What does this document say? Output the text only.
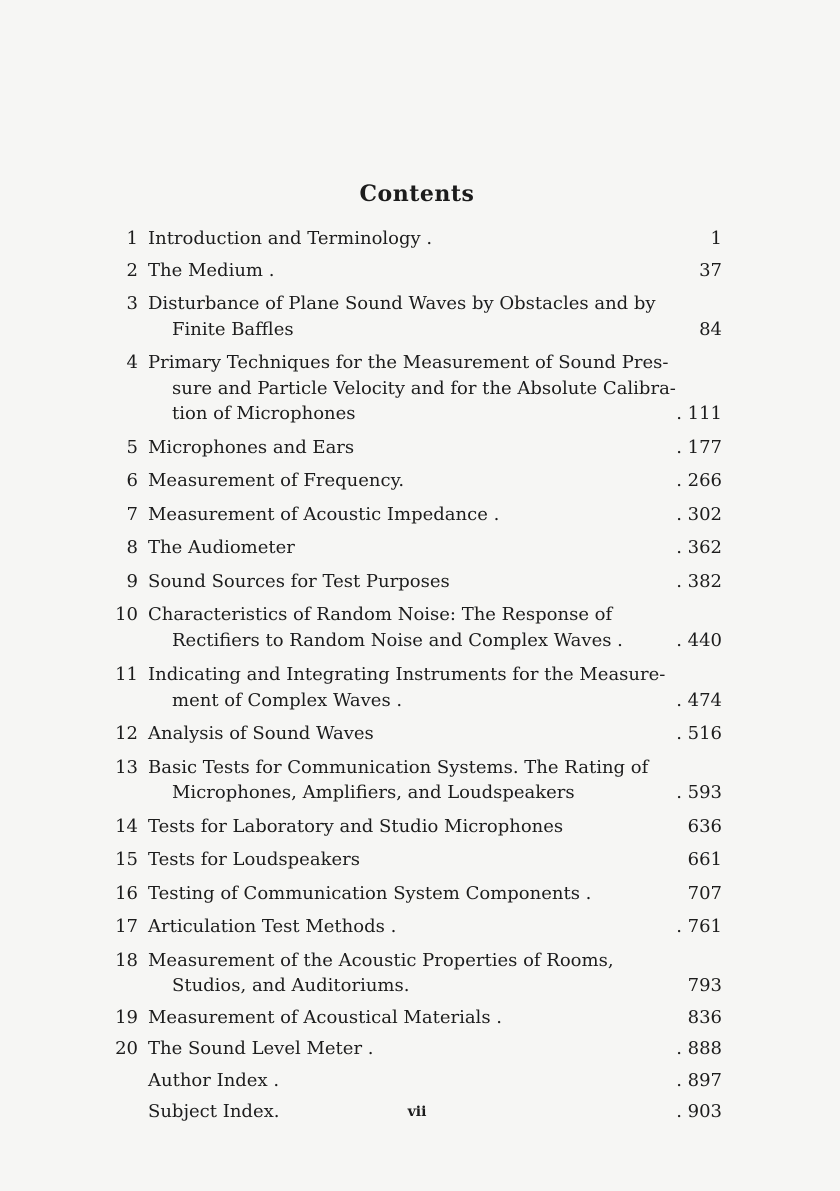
Contents
1 Introduction and Terminology .	1
2 The Medium .	37
3 Disturbance of Plane Sound Waves by Obstacles and by
Finite Baffles	84
4 Primary Techniques for the Measurement of Sound Pres-
sure and Particle Velocity and for the Absolute Calibra-
tion of Microphones	. 111
5 Microphones and Ears	. 177
6 Measurement of Frequency.	. 266
7 Measurement of Acoustic Impedance .	. 302
8 The Audiometer	. 362
9 Sound Sources for Test Purposes	. 382
10 Characteristics of Random Noise: The Response of
Rectifiers to Random Noise and Complex Waves .	. 440
11 Indicating and Integrating Instruments for the Measure-
ment of Complex Waves .	. 474
12 Analysis of Sound Waves	. 516
13 Basic Tests for Communication Systems. The Rating of
Microphones, Amplifiers, and Loudspeakers	. 593
14 Tests for Laboratory and Studio Microphones	636
15 Tests for Loudspeakers	661
16 Testing of Communication System Components .	707
17 Articulation Test Methods .	. 761
18 Measurement of the Acoustic Properties of Rooms,
Studios, and Auditoriums.	793
19 Measurement of Acoustical Materials .	836
20 The Sound Level Meter .	. 888
Author Index .	. 897
Subject Index.	. 903
vii
